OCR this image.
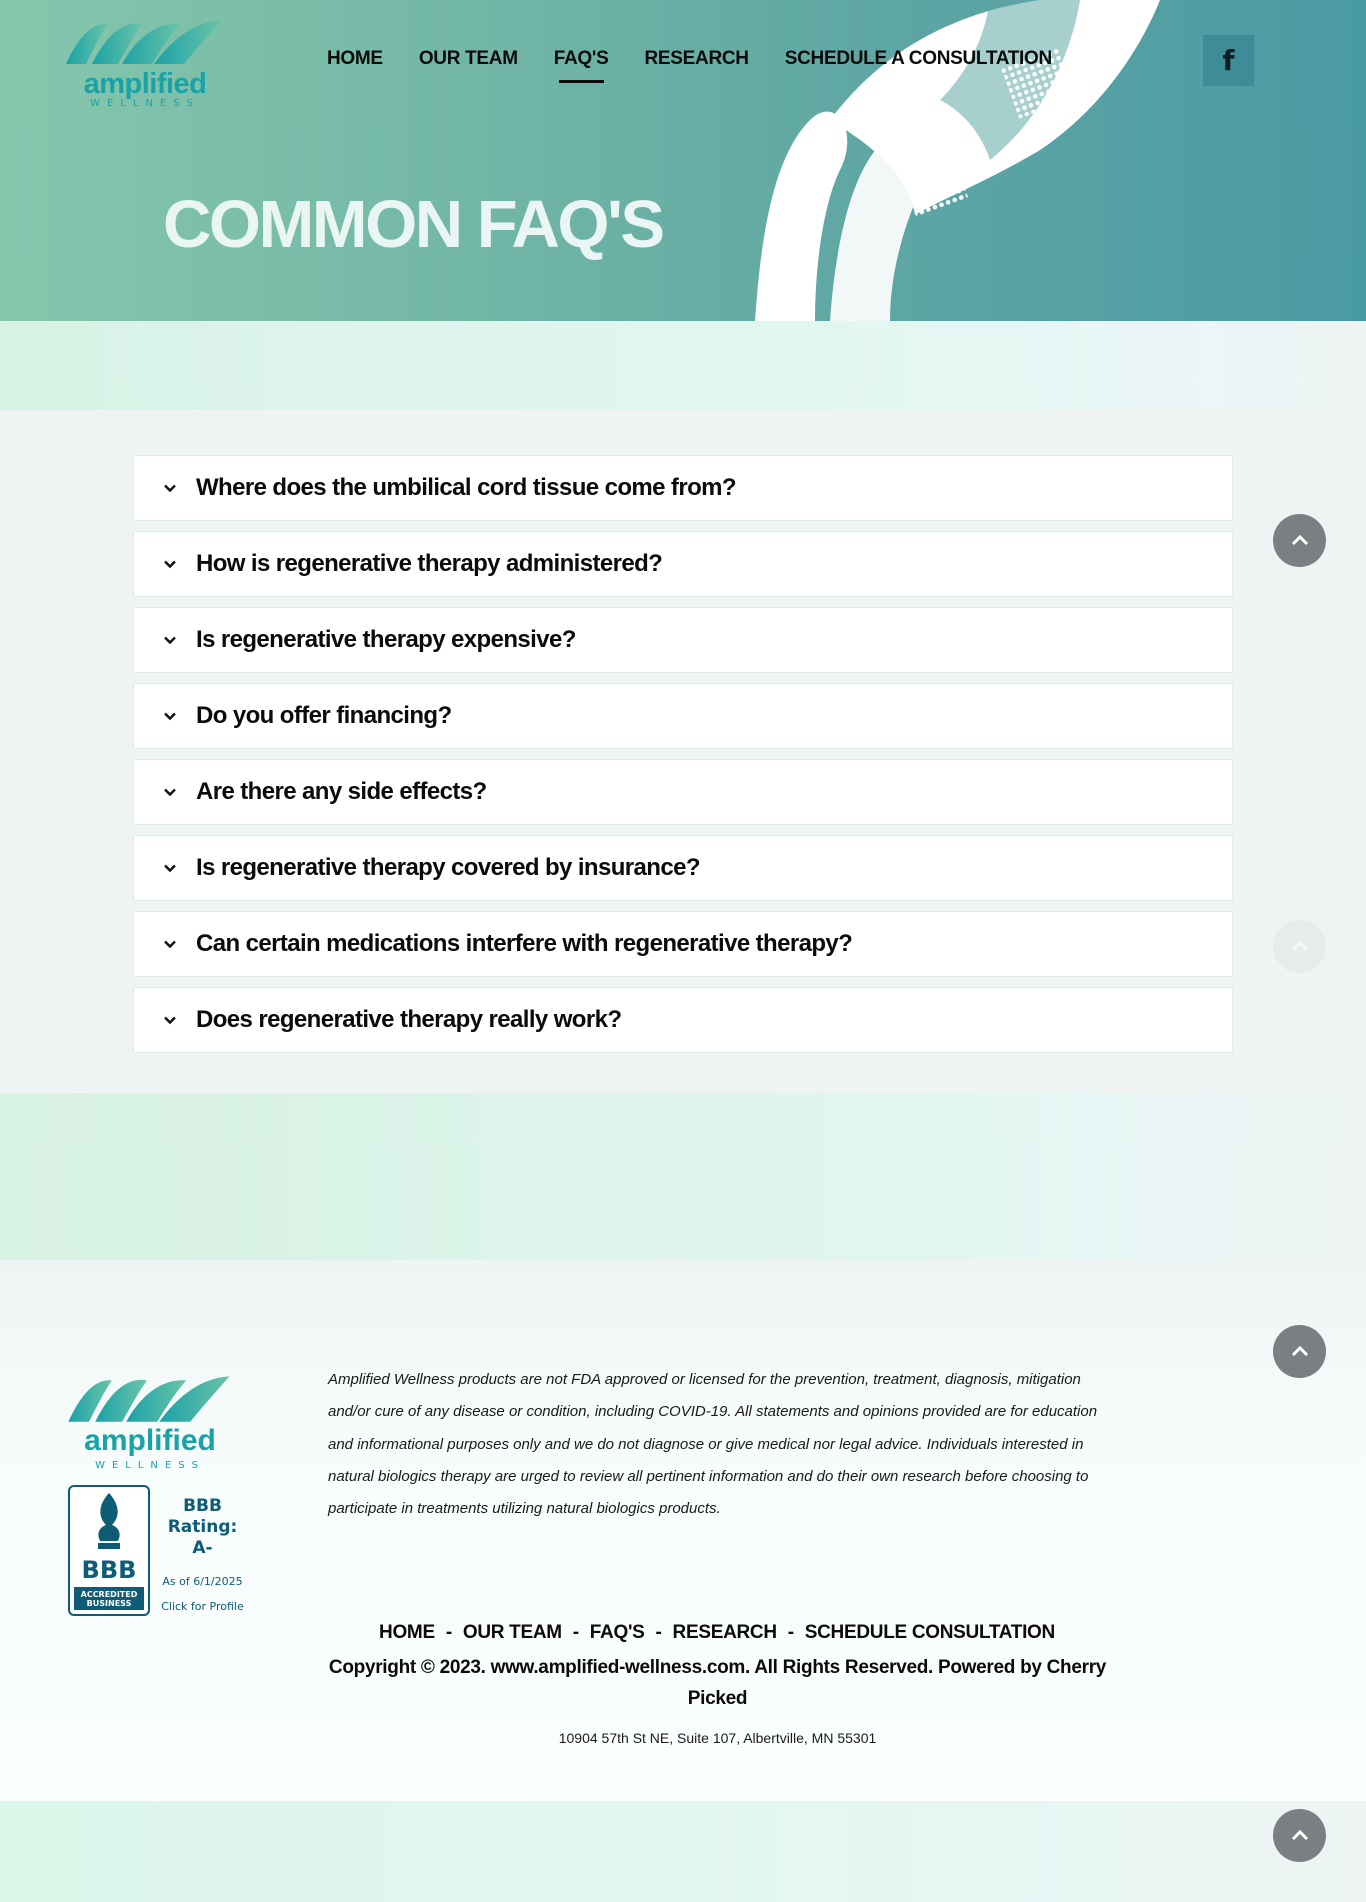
amplified
WELLNESS
HOME OUR TEAM FAQ'S RESEARCH SCHEDULE A CONSULTATION	f
COMMON FAQ'S
Where does the umbilical cord tissue come from?
How is regenerative therapy administered?
Is regenerative therapy expensive?
Do you offer financing?
Are there any side effects?
Is regenerative therapy covered by insurance?
Can certain medications interfere with regenerative therapy?
Does regenerative therapy really work?
amplified
WELLNESS
BBB
ACCREDITED
BUSINESS
BBB Rating: A-
As of 6/1/2025
Click for Profile

Amplified Wellness products are not FDA approved or licensed for the prevention, treatment, diagnosis, mitigation and/or cure of any disease or condition, including COVID-19. All statements and opinions provided are for education and informational purposes only and we do not diagnose or give medical nor legal advice. Individuals interested in natural biologics therapy are urged to review all pertinent information and do their own research before choosing to participate in treatments utilizing natural biologics products.

HOME - OUR TEAM - FAQ'S - RESEARCH - SCHEDULE CONSULTATION

Copyright © 2023. www.amplified-wellness.com. All Rights Reserved. Powered by Cherry Picked

10904 57th St NE, Suite 107, Albertville, MN 55301
